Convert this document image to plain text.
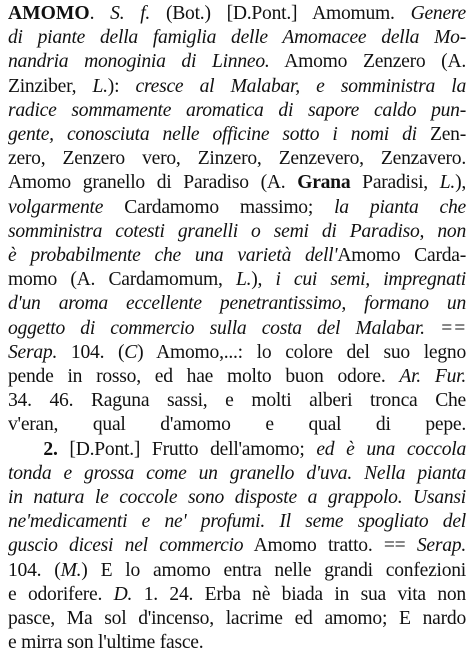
AMOMO. S. f. (Bot.) [D.Pont.] Amomum. Genere
di piante della famiglia delle Amomacee della Mo-
nandria monoginia di Linneo. Amomo Zenzero (A.
Zinziber, L.): cresce al Malabar, e somministra la
radice sommamente aromatica di sapore caldo pun-
gente, conosciuta nelle officine sotto i nomi di Zen-
zero, Zenzero vero, Zinzero, Zenzevero, Zenzavero.
Amomo granello di Paradiso (A. Grana Paradisi, L.),
volgarmente Cardamomo massimo; la pianta che
somministra cotesti granelli o semi di Paradiso, non
è probabilmente che una varietà dell'Amomo Carda-
momo (A. Cardamomum, L.), i cui semi, impregnati
d'un aroma eccellente penetrantissimo, formano un
oggetto di commercio sulla costa del Malabar. ==
Serap. 104. (C) Amomo,...: lo colore del suo legno
pende in rosso, ed hae molto buon odore. Ar. Fur.
34. 46. Raguna sassi, e molti alberi tronca Che
v'eran, qual d'amomo e qual di pepe.
2. [D.Pont.] Frutto dell'amomo; ed è una coccola
tonda e grossa come un granello d'uva. Nella pianta
in natura le coccole sono disposte a grappolo. Usansi
ne'medicamenti e ne' profumi. Il seme spogliato del
guscio dicesi nel commercio Amomo tratto. == Serap.
104. (M.) E lo amomo entra nelle grandi confezioni
e odorifere. D. 1. 24. Erba nè biada in sua vita non
pasce, Ma sol d'incenso, lacrime ed amomo; E nardo
e mirra son l'ultime fasce.
